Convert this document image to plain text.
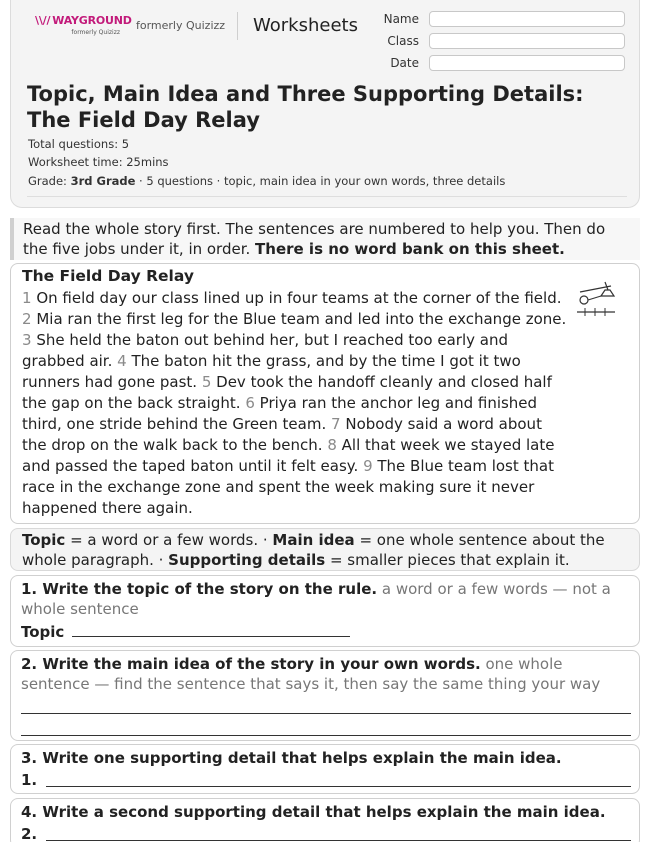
\\// WAYGROUND
formerly Quizizz
formerly Quizizz Worksheets	Name
Class
Date
Topic, Main Idea and Three Supporting Details: The Field Day Relay
Total questions: 5
Worksheet time: 25mins
Grade: 3rd Grade · 5 questions · topic, main idea in your own words, three details
Read the whole story first. The sentences are numbered to help you. Then do the five jobs under it, in order. There is no word bank on this sheet.
The Field Day Relay
1 On field day our class lined up in four teams at the corner of the field. 2 Mia ran the first leg for the Blue team and led into the exchange zone. 3 She held the baton out behind her, but I reached too early and grabbed air. 4 The baton hit the grass, and by the time I got it two runners had gone past. 5 Dev took the handoff cleanly and closed half the gap on the back straight. 6 Priya ran the anchor leg and finished third, one stride behind the Green team. 7 Nobody said a word about the drop on the walk back to the bench. 8 All that week we stayed late and passed the taped baton until it felt easy. 9 The Blue team lost that race in the exchange zone and spent the week making sure it never happened there again.
Topic = a word or a few words. · Main idea = one whole sentence about the whole paragraph. · Supporting details = smaller pieces that explain it.
1. Write the topic of the story on the rule. a word or a few words — not a whole sentence
Topic
2. Write the main idea of the story in your own words. one whole sentence — find the sentence that says it, then say the same thing your way
3. Write one supporting detail that helps explain the main idea.
1.
4. Write a second supporting detail that helps explain the main idea.
2.
